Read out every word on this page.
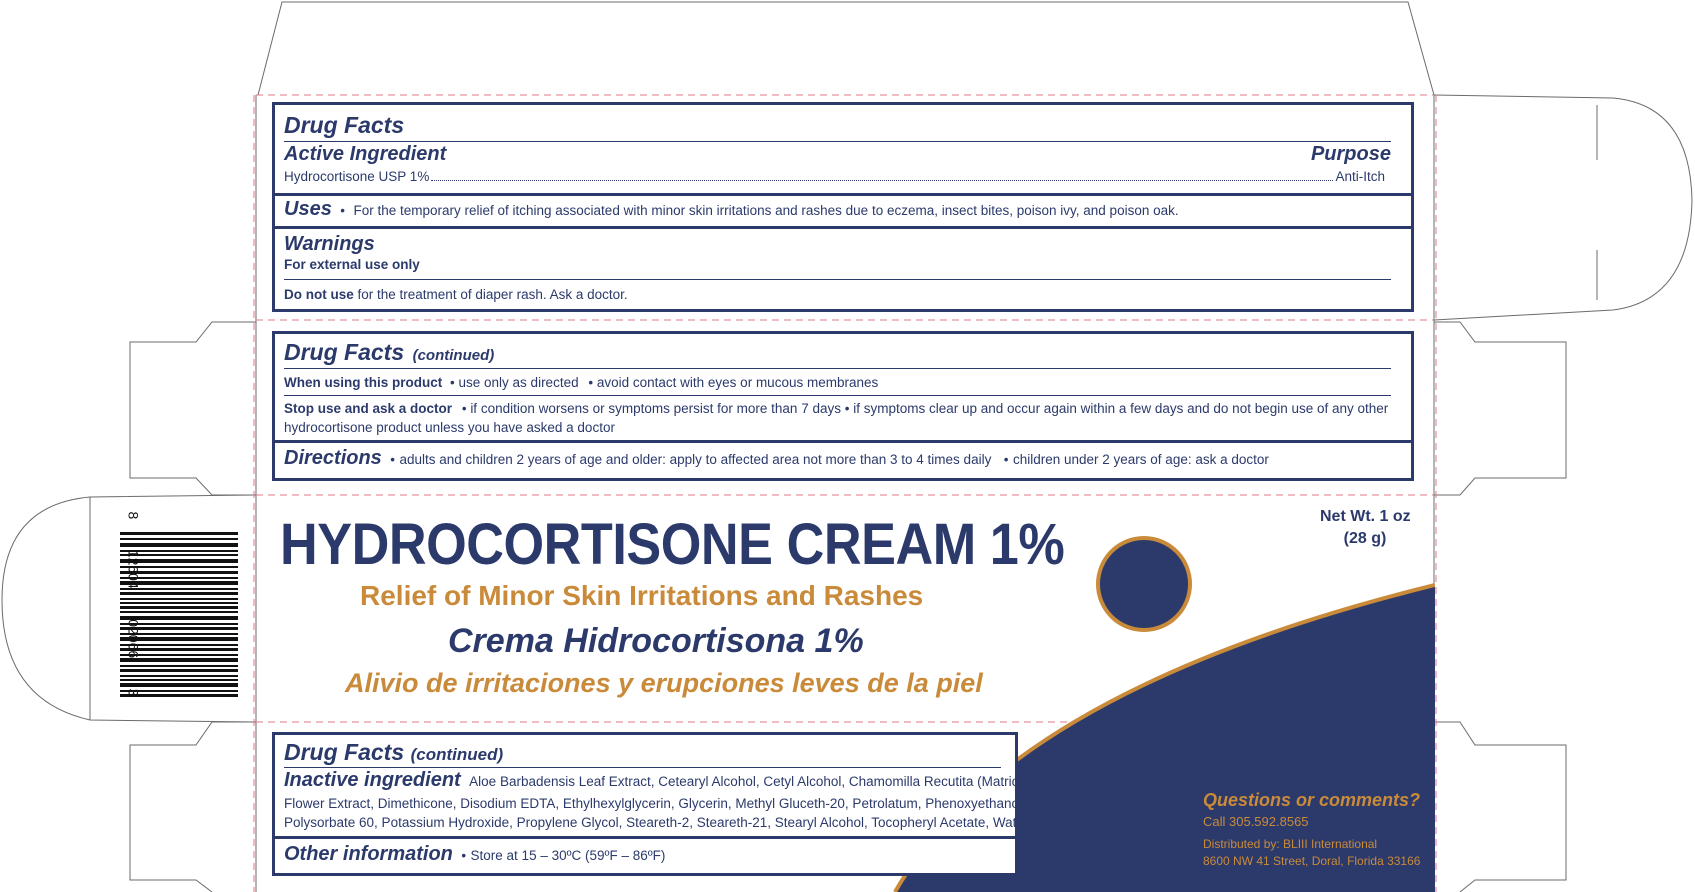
8
12604
02066
3
Drug Facts
Active Ingredient	Purpose
Hydrocortisone USP 1%	Anti-Itch
Uses • For the temporary relief of itching associated with minor skin irritations and rashes due to eczema, insect bites, poison ivy, and poison oak.
Warnings
For external use only
Do not use for the treatment of diaper rash. Ask a doctor.
Drug Facts (continued)
When using this product • use only as directed • avoid contact with eyes or mucous membranes
Stop use and ask a doctor • if condition worsens or symptoms persist for more than 7 days • if symptoms clear up and occur again within a few days and do not begin use of any other
hydrocortisone product unless you have asked a doctor
Directions • adults and children 2 years of age and older: apply to affected area not more than 3 to 4 times daily • children under 2 years of age: ask a doctor
HYDROCORTISONE CREAM 1%
Relief of Minor Skin Irritations and Rashes
Crema Hidrocortisona 1%
Alivio de irritaciones y erupciones leves de la piel
Net Wt. 1 oz
(28 g)
Drug Facts (continued)
Inactive ingredient Aloe Barbadensis Leaf Extract, Cetearyl Alcohol, Cetyl Alcohol, Chamomilla Recutita (Matricaria)
Flower Extract, Dimethicone, Disodium EDTA, Ethylhexylglycerin, Glycerin, Methyl Gluceth-20, Petrolatum, Phenoxyethanol,
Polysorbate 60, Potassium Hydroxide, Propylene Glycol, Steareth-2, Steareth-21, Stearyl Alcohol, Tocopheryl Acetate, Water.
Other information • Store at 15 – 30ºC (59ºF – 86ºF)
Questions or comments?
Call 305.592.8565
Distributed by: BLIII International
8600 NW 41 Street, Doral, Florida 33166
